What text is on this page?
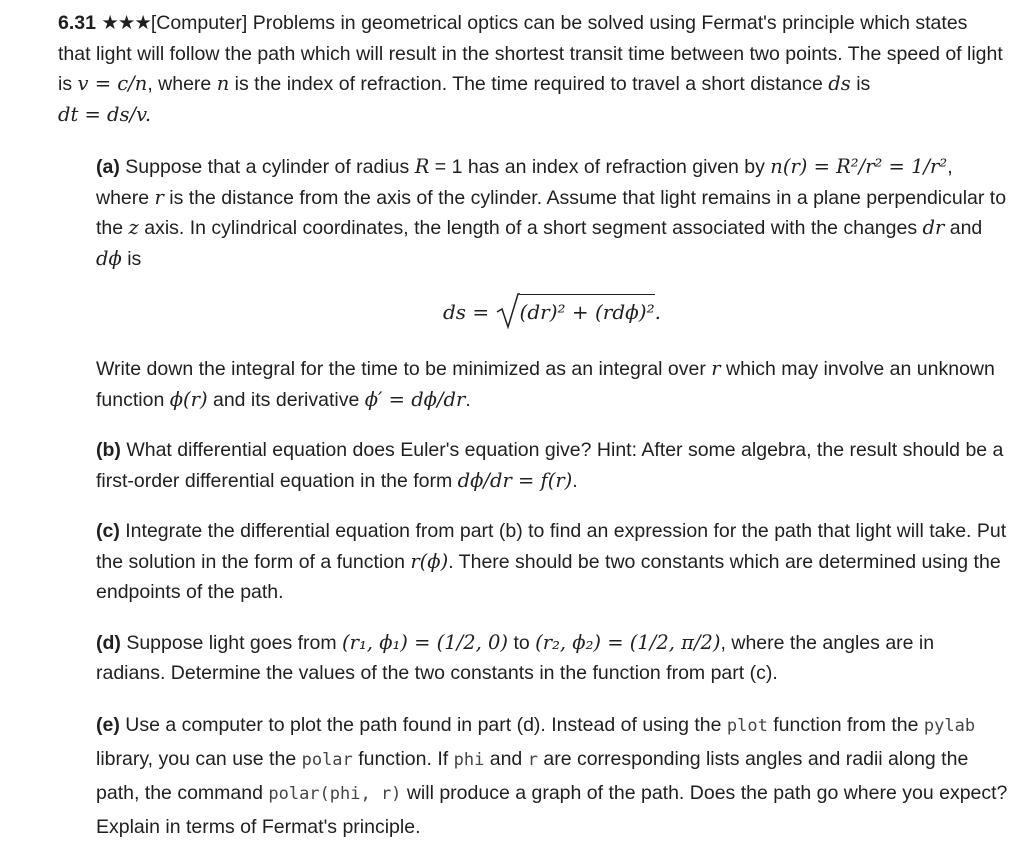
6.31 ★★★[Computer] Problems in geometrical optics can be solved using Fermat's principle which states that light will follow the path which will result in the shortest transit time between two points. The speed of light is v = c/n, where n is the index of refraction. The time required to travel a short distance ds is
dt = ds/v.

(a) Suppose that a cylinder of radius R = 1 has an index of refraction given by n(r) = R²/r² = 1/r², where r is the distance from the axis of the cylinder. Assume that light remains in a plane perpendicular to the z axis. In cylindrical coordinates, the length of a short segment associated with the changes dr and dϕ is

ds =
(dr)² + (rdϕ)².

Write down the integral for the time to be minimized as an integral over r which may involve an unknown function ϕ(r) and its derivative ϕ′ = dϕ/dr.

(b) What differential equation does Euler's equation give? Hint: After some algebra, the result should be a first-order differential equation in the form dϕ/dr = f(r).

(c) Integrate the differential equation from part (b) to find an expression for the path that light will take. Put the solution in the form of a function r(ϕ). There should be two constants which are determined using the endpoints of the path.

(d) Suppose light goes from (r₁, ϕ₁) = (1/2, 0) to (r₂, ϕ₂) = (1/2, π/2), where the angles are in radians. Determine the values of the two constants in the function from part (c).

(e) Use a computer to plot the path found in part (d). Instead of using the plot function from the pylab library, you can use the polar function. If phi and r are corresponding lists angles and radii along the path, the command polar(phi, r) will produce a graph of the path. Does the path go where you expect? Explain in terms of Fermat's principle.
